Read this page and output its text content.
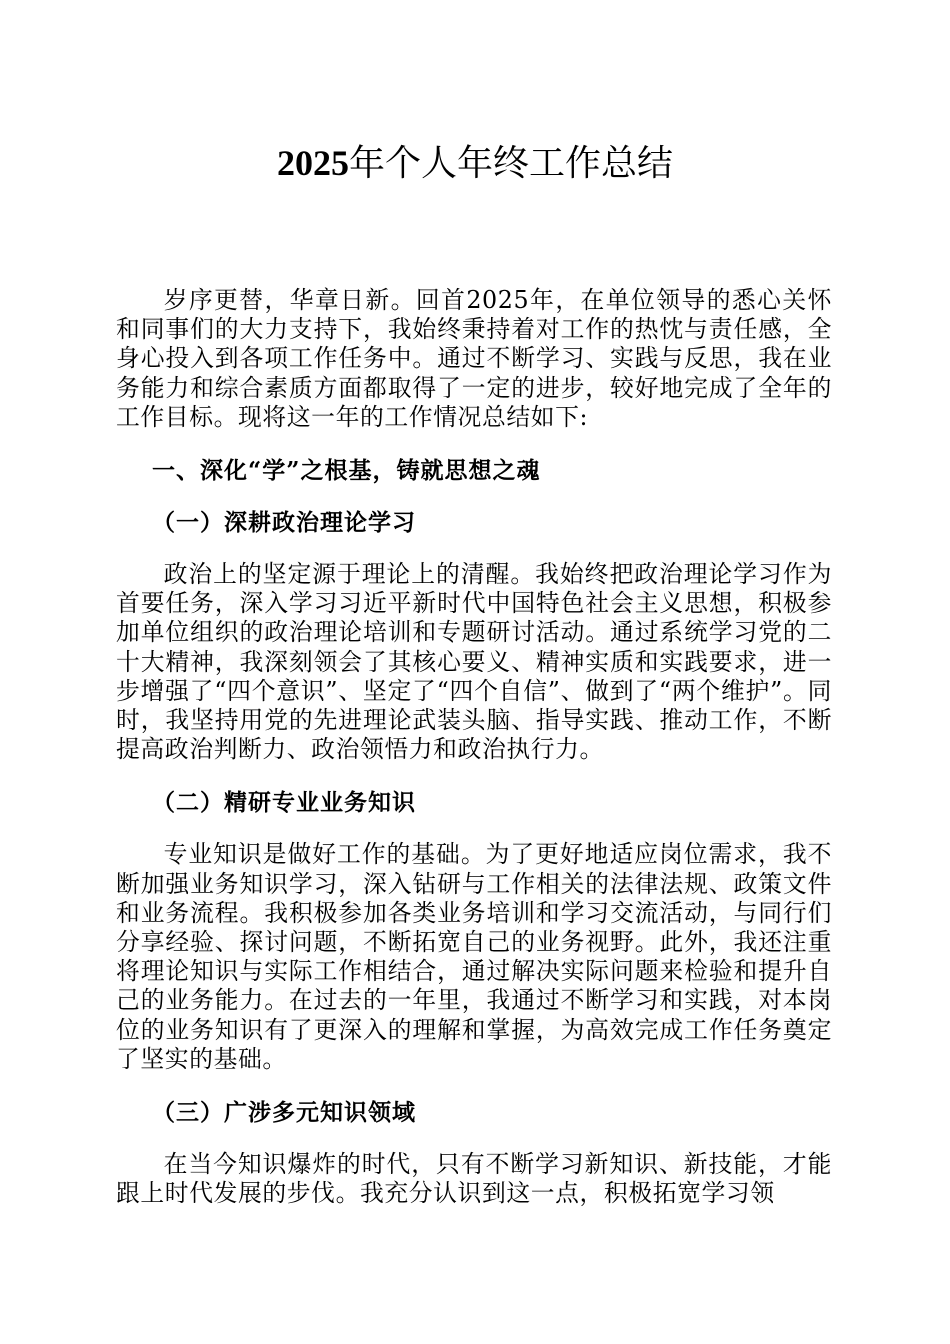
2025年个人年终工作总结

岁序更替，华章日新。回首2025年，在单位领导的悉心关怀和同事们的大力支持下，我始终秉持着对工作的热忱与责任感，全身心投入到各项工作任务中。通过不断学习、实践与反思，我在业务能力和综合素质方面都取得了一定的进步，较好地完成了全年的工作目标。现将这一年的工作情况总结如下:

一、深化“学”之根基，铸就思想之魂
（一）深耕政治理论学习

政治上的坚定源于理论上的清醒。我始终把政治理论学习作为首要任务，深入学习习近平新时代中国特色社会主义思想，积极参加单位组织的政治理论培训和专题研讨活动。通过系统学习党的二十大精神，我深刻领会了其核心要义、精神实质和实践要求，进一步增强了“四个意识”、坚定了“四个自信”、做到了“两个维护”。同时，我坚持用党的先进理论武装头脑、指导实践、推动工作，不断提高政治判断力、政治领悟力和政治执行力。

（二）精研专业业务知识

专业知识是做好工作的基础。为了更好地适应岗位需求，我不断加强业务知识学习，深入钻研与工作相关的法律法规、政策文件和业务流程。我积极参加各类业务培训和学习交流活动，与同行们分享经验、探讨问题，不断拓宽自己的业务视野。此外，我还注重将理论知识与实际工作相结合，通过解决实际问题来检验和提升自己的业务能力。在过去的一年里，我通过不断学习和实践，对本岗位的业务知识有了更深入的理解和掌握，为高效完成工作任务奠定了坚实的基础。

（三）广涉多元知识领域

在当今知识爆炸的时代，只有不断学习新知识、新技能，才能跟上时代发展的步伐。我充分认识到这一点，积极拓宽学习领
